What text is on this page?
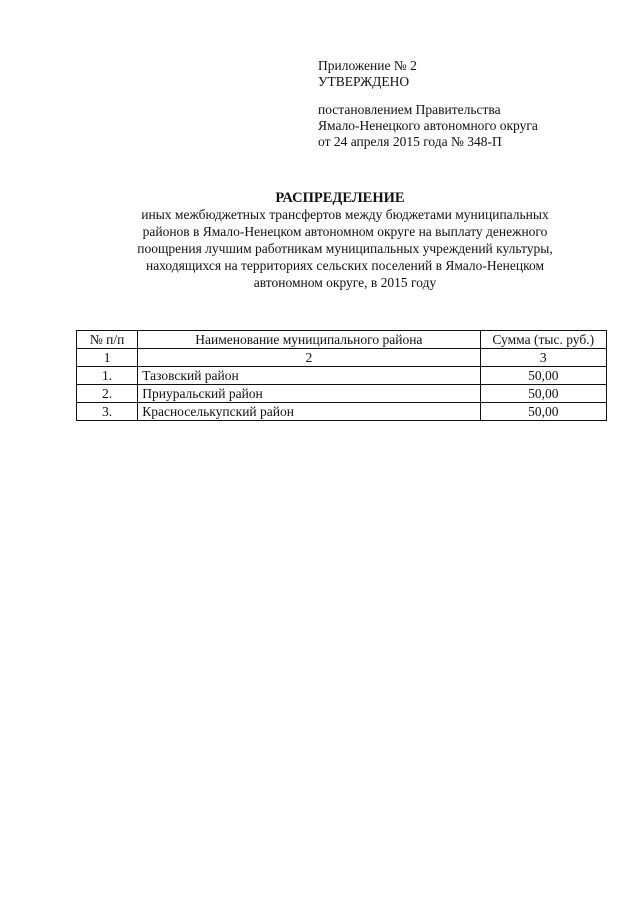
Приложение № 2
УТВЕРЖДЕНО
постановлением Правительства
Ямало-Ненецкого автономного округа
от 24 апреля 2015 года № 348-П
РАСПРЕДЕЛЕНИЕ
иных межбюджетных трансфертов между бюджетами муниципальных
районов в Ямало-Ненецком автономном округе на выплату денежного
поощрения лучшим работникам муниципальных учреждений культуры,
находящихся на территориях сельских поселений в Ямало-Ненецком
автономном округе, в 2015 году
№ п/п	Наименование муниципального района	Сумма (тыс. руб.)
1	2	3
1.	Тазовский район	50,00
2.	Приуральский район	50,00
3.	Красноселькупский район	50,00
